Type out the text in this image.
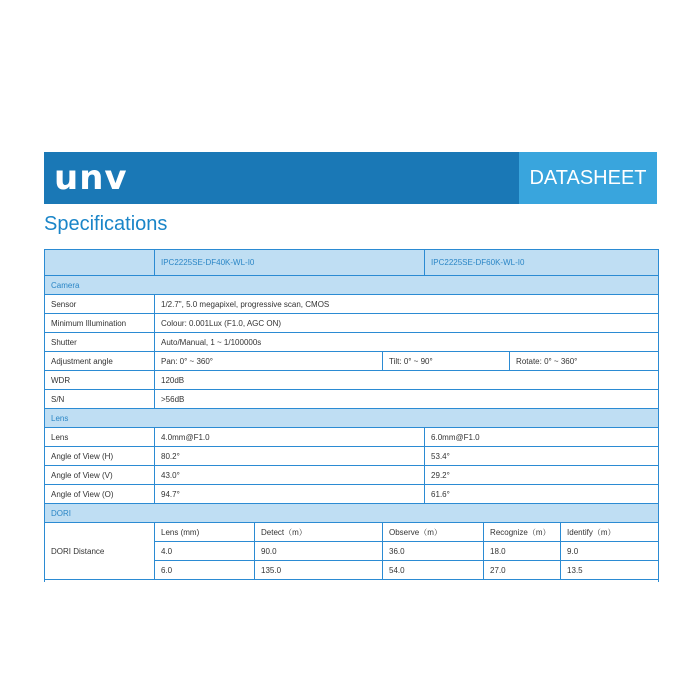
unv	DATASHEET
Specifications
	IPC2225SE-DF40K-WL-I0			IPC2225SE-DF60K-WL-I0			
Camera							
Sensor	1/2.7", 5.0 megapixel, progressive scan, CMOS						
Minimum Illumination	Colour: 0.001Lux (F1.0, AGC ON)						
Shutter	Auto/Manual, 1 ~ 1/100000s						
Adjustment angle	Pan: 0° ~ 360°		Tilt: 0° ~ 90°			Rotate: 0° ~ 360°	
WDR	120dB						
S/N	>56dB						
Lens							
Lens	4.0mm@F1.0			6.0mm@F1.0			
Angle of View (H)	80.2°			53.4°			
Angle of View (V)	43.0°			29.2°			
Angle of View (O)	94.7°			61.6°			
DORI							
DORI Distance	Lens (mm)	Detect（m）	Observe（m）		Recognize（m）		Identify（m）
	4.0	90.0	36.0		18.0		9.0
	6.0	135.0	54.0		27.0		13.5
